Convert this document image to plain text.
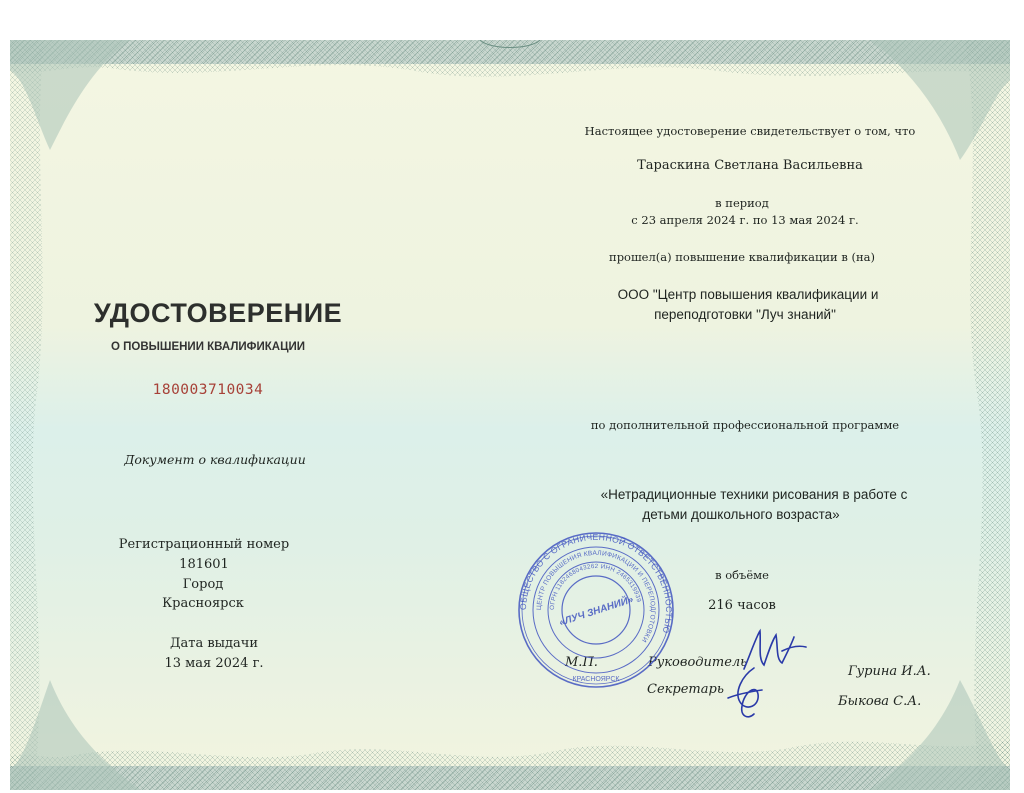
УДОСТОВЕРЕНИЕ
О ПОВЫШЕНИИ КВАЛИФИКАЦИИ
180003710034
Документ о квалификации
Регистрационный номер
181601
Город
Красноярск
Дата выдачи
13 мая 2024 г.
Настоящее удостоверение свидетельствует о том, что
Тараскина Светлана Васильевна
в период
с 23 апреля 2024 г. по 13 мая 2024 г.
прошел(а) повышение квалификации в (на)
ООО "Центр повышения квалификации и
переподготовки "Луч знаний"
по дополнительной профессиональной программе
«Нетрадиционные техники рисования в работе с
детьми дошкольного возраста»
в объёме
216 часов
М.П.	Руководитель
Гурина И.А.
Секретарь
Быкова С.А.
ОБЩЕСТВО С ОГРАНИЧЕННОЙ ОТВЕТСТВЕННОСТЬЮ
ЦЕНТР ПОВЫШЕНИЯ КВАЛИФИКАЦИИ И ПЕРЕПОДГОТОВКИ
ОГРН 1182468043262 ИНН 2465319939
«ЛУЧ ЗНАНИЙ»
КРАСНОЯРСК
